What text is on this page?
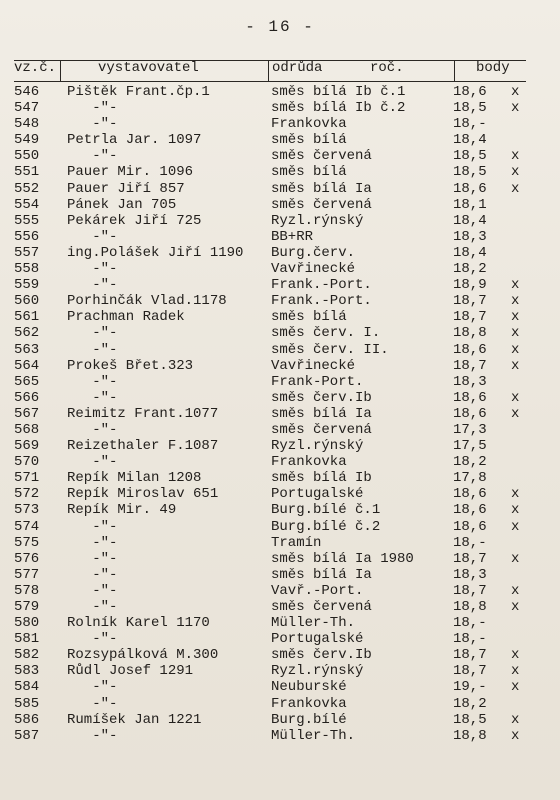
- 16 -
vz.č.	vystavovatel	odrůda	roč.	body
546	Pištěk Frant.čp.1	směs bílá Ib č.1	18,6	x
547	-"-	směs bílá Ib č.2	18,5	x
548	-"-	Frankovka	18,-
549	Petrla Jar. 1097	směs bílá	18,4
550	-"-	směs červená	18,5	x
551	Pauer Mir. 1096	směs bílá	18,5	x
552	Pauer Jiří 857	směs bílá Ia	18,6	x
554	Pánek Jan 705	směs červená	18,1
555	Pekárek Jiří 725	Ryzl.rýnský	18,4
556	-"-	BB+RR	18,3
557	ing.Polášek Jiří 1190	Burg.červ.	18,4
558	-"-	Vavřinecké	18,2
559	-"-	Frank.-Port.	18,9	x
560	Porhinčák Vlad.1178	Frank.-Port.	18,7	x
561	Prachman Radek	směs bílá	18,7	x
562	-"-	směs červ. I.	18,8	x
563	-"-	směs červ. II.	18,6	x
564	Prokeš Břet.323	Vavřinecké	18,7	x
565	-"-	Frank-Port.	18,3
566	-"-	směs červ.Ib	18,6	x
567	Reimitz Frant.1077	směs bílá Ia	18,6	x
568	-"-	směs červená	17,3
569	Reizethaler F.1087	Ryzl.rýnský	17,5
570	-"-	Frankovka	18,2
571	Repík Milan 1208	směs bílá Ib	17,8
572	Repík Miroslav 651	Portugalské	18,6	x
573	Repík Mir. 49	Burg.bílé č.1	18,6	x
574	-"-	Burg.bílé č.2	18,6	x
575	-"-	Tramín	18,-
576	-"-	směs bílá Ia 1980	18,7	x
577	-"-	směs bílá Ia	18,3
578	-"-	Vavř.-Port.	18,7	x
579	-"-	směs červená	18,8	x
580	Rolník Karel 1170	Müller-Th.	18,-
581	-"-	Portugalské	18,-
582	Rozsypálková M.300	směs červ.Ib	18,7	x
583	Růdl Josef 1291	Ryzl.rýnský	18,7	x
584	-"-	Neuburské	19,-	x
585	-"-	Frankovka	18,2
586	Rumíšek Jan 1221	Burg.bílé	18,5	x
587	-"-	Müller-Th.	18,8	x
